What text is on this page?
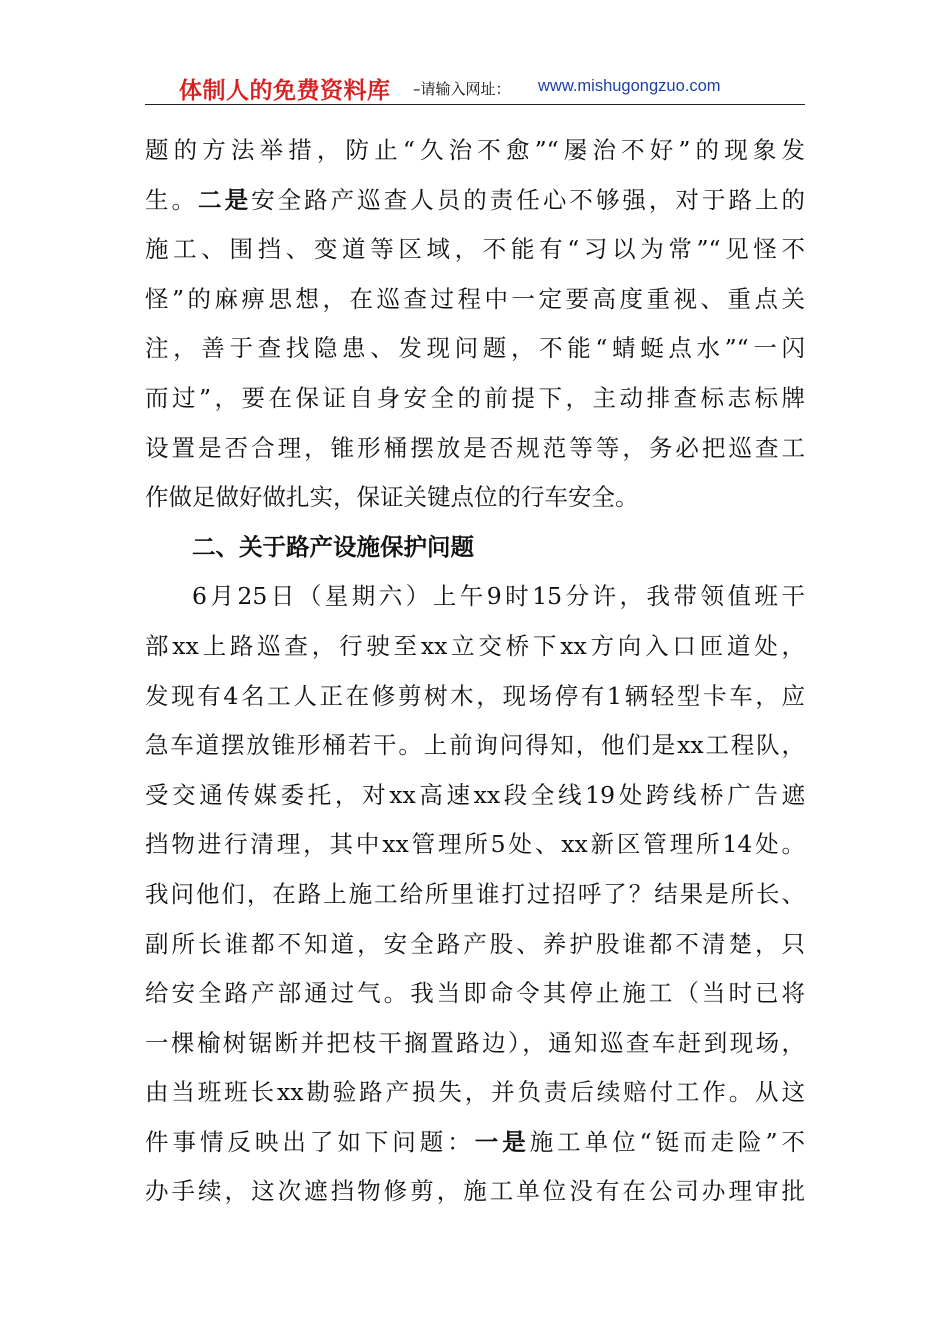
体制人的免费资料库 –请输入网址： www.mishugongzuo.com
题的方法举措，防止“久治不愈”“屡治不好”的现象发
生。二是安全路产巡查人员的责任心不够强，对于路上的
施工、围挡、变道等区域，不能有“习以为常”“见怪不
怪”的麻痹思想，在巡查过程中一定要高度重视、重点关
注，善于查找隐患、发现问题，不能“蜻蜓点水”“一闪
而过”，要在保证自身安全的前提下，主动排查标志标牌
设置是否合理，锥形桶摆放是否规范等等，务必把巡查工
作做足做好做扎实，保证关键点位的行车安全。
二、关于路产设施保护问题
6月25日（星期六）上午9时15分许，我带领值班干
部xx上路巡查，行驶至xx立交桥下xx方向入口匝道处，
发现有4名工人正在修剪树木，现场停有1辆轻型卡车，应
急车道摆放锥形桶若干。上前询问得知，他们是xx工程队，
受交通传媒委托，对xx高速xx段全线19处跨线桥广告遮
挡物进行清理，其中xx管理所5处、xx新区管理所14处。
我问他们，在路上施工给所里谁打过招呼了？结果是所长、
副所长谁都不知道，安全路产股、养护股谁都不清楚，只
给安全路产部通过气。我当即命令其停止施工（当时已将
一棵榆树锯断并把枝干搁置路边），通知巡查车赶到现场，
由当班班长xx勘验路产损失，并负责后续赔付工作。从这
件事情反映出了如下问题：一是施工单位“铤而走险”不
办手续，这次遮挡物修剪，施工单位没有在公司办理审批
